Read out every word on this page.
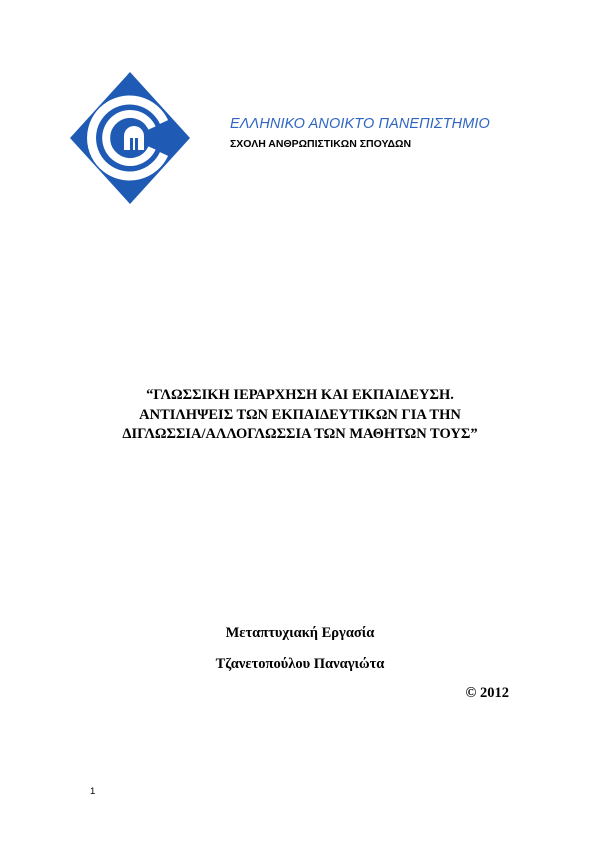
ΕΛΛΗΝΙΚΟ ΑΝΟΙΚΤΟ ΠΑΝΕΠΙΣΤΗΜΙΟ
ΣΧΟΛΗ ΑΝΘΡΩΠΙΣΤΙΚΩΝ ΣΠΟΥΔΩΝ
“ΓΛΩΣΣΙΚΗ ΙΕΡΑΡΧΗΣΗ ΚΑΙ ΕΚΠΑΙΔΕΥΣΗ.
ΑΝΤΙΛΗΨΕΙΣ ΤΩΝ ΕΚΠΑΙΔΕΥΤΙΚΩΝ ΓΙΑ ΤΗΝ
ΔΙΓΛΩΣΣΙΑ/ΑΛΛΟΓΛΩΣΣΙΑ ΤΩΝ ΜΑΘΗΤΩΝ ΤΟΥΣ”
Μεταπτυχιακή Εργασία
Τζανετοπούλου Παναγιώτα
© 2012
1
